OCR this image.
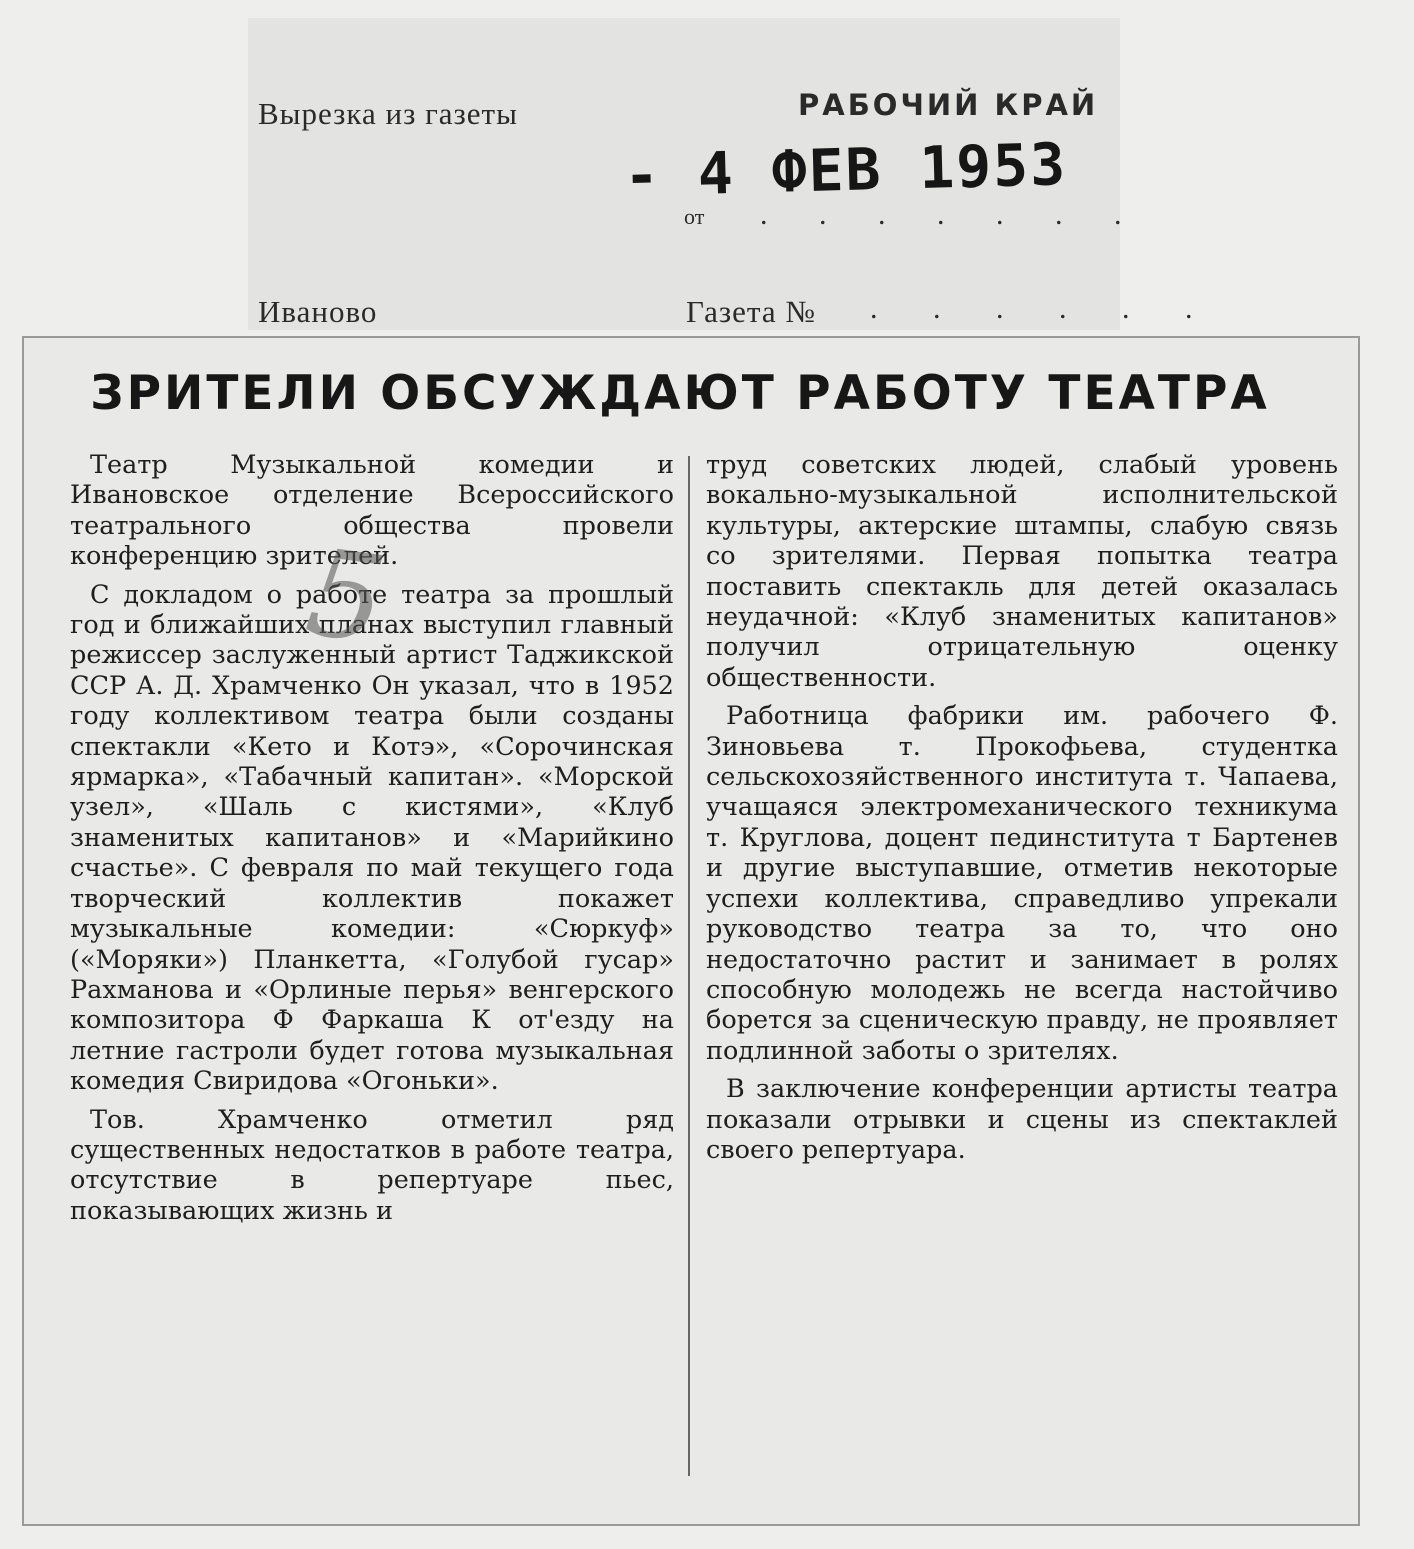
Вырезка из газеты	РАБОЧИЙ КРАЙ
от . . . . . . .
- 4 ФЕВ 1953
Иваново	Газета № . . . . . .
ЗРИТЕЛИ ОБСУЖДАЮТ РАБОТУ ТЕАТРА

Театр Музыкальной комедии и Ивановское отделение Всероссийского театрального общества провели конференцию зрителей.

С докладом о работе театра за прошлый год и ближайших планах выступил главный режиссер заслуженный артист Таджикской ССР А. Д. Храмченко Он указал, что в 1952 году коллективом театра были созданы спектакли «Кето и Котэ», «Сорочинская ярмарка», «Табачный капитан». «Морской узел», «Шаль с кистями», «Клуб знаменитых капитанов» и «Марийкино счастье». С февраля по май текущего года творческий коллектив покажет музыкальные комедии: «Сюркуф» («Моряки») Планкетта, «Голубой гусар» Рахманова и «Орлиные перья» венгерского композитора Ф Фаркаша К от'езду на летние гастроли будет готова музыкальная комедия Свиридова «Огоньки».

Тов. Храмченко отметил ряд существенных недостатков в работе театра, отсутствие в репертуаре пьес, показывающих жизнь и

труд советских людей, слабый уровень вокально-музыкальной исполнительской культуры, актерские штампы, слабую связь со зрителями. Первая попытка театра поставить спектакль для детей оказалась неудачной: «Клуб знаменитых капитанов» получил отрицательную оценку общественности.

Работница фабрики им. рабочего Ф. Зиновьева т. Прокофьева, студентка сельскохозяйственного института т. Чапаева, учащаяся электромеханического техникума т. Круглова, доцент пединститута т Бартенев и другие выступавшие, отметив некоторые успехи коллектива, справедливо упрекали руководство театра за то, что оно недостаточно растит и занимает в ролях способную молодежь не всегда настойчиво борется за сценическую правду, не проявляет подлинной заботы о зрителях.

В заключение конференции артисты театра показали отрывки и сцены из спектаклей своего репертуара.

5
